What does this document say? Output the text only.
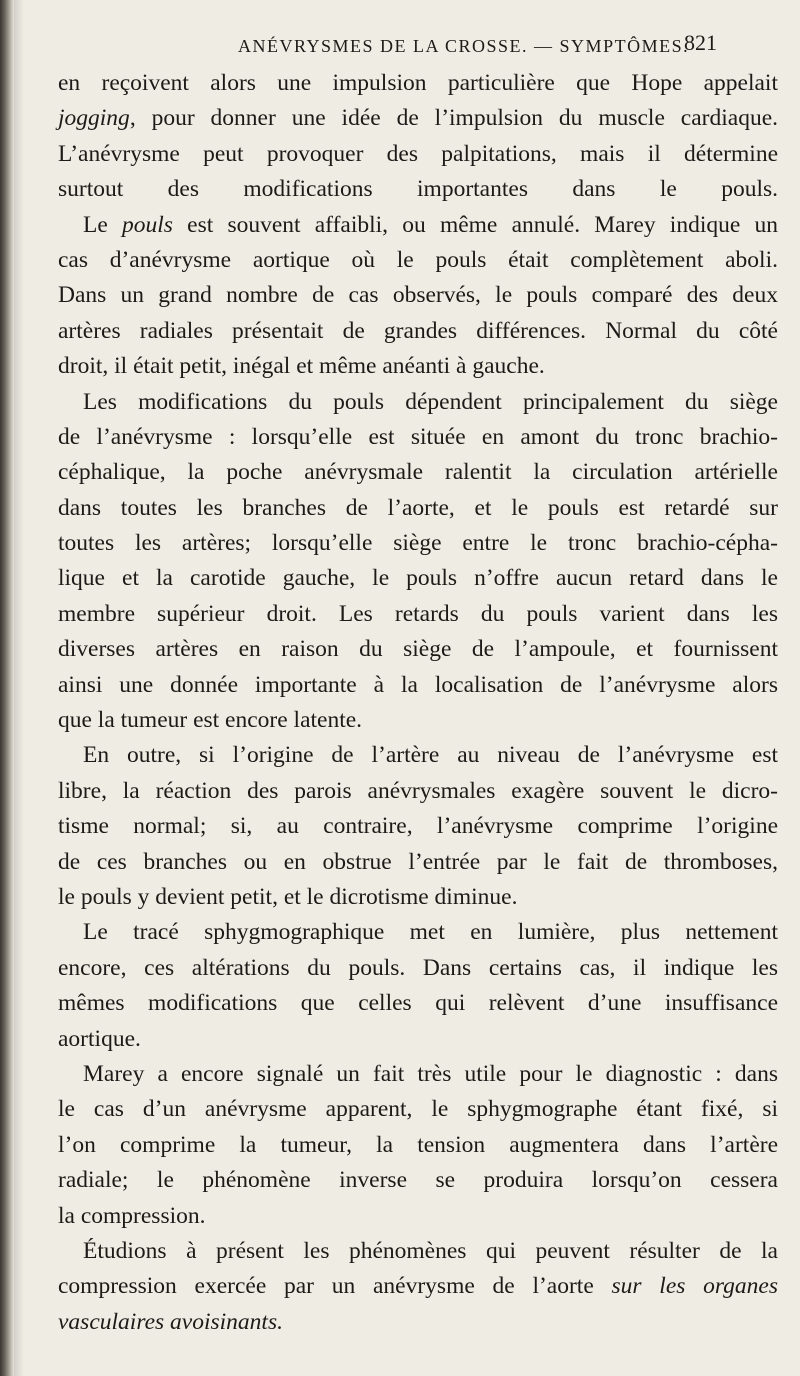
ANÉVRYSMES DE LA CROSSE. — SYMPTÔMES.
821
en reçoivent alors une impulsion particulière que Hope appelait
jogging, pour donner une idée de l’impulsion du muscle cardiaque.
L’anévrysme peut provoquer des palpitations, mais il détermine
surtout des modifications importantes dans le pouls.
Le pouls est souvent affaibli, ou même annulé. Marey indique un
cas d’anévrysme aortique où le pouls était complètement aboli.
Dans un grand nombre de cas observés, le pouls comparé des deux
artères radiales présentait de grandes différences. Normal du côté
droit, il était petit, inégal et même anéanti à gauche.
Les modifications du pouls dépendent principalement du siège
de l’anévrysme : lorsqu’elle est située en amont du tronc brachio-
céphalique, la poche anévrysmale ralentit la circulation artérielle
dans toutes les branches de l’aorte, et le pouls est retardé sur
toutes les artères; lorsqu’elle siège entre le tronc brachio-cépha-
lique et la carotide gauche, le pouls n’offre aucun retard dans le
membre supérieur droit. Les retards du pouls varient dans les
diverses artères en raison du siège de l’ampoule, et fournissent
ainsi une donnée importante à la localisation de l’anévrysme alors
que la tumeur est encore latente.
En outre, si l’origine de l’artère au niveau de l’anévrysme est
libre, la réaction des parois anévrysmales exagère souvent le dicro-
tisme normal; si, au contraire, l’anévrysme comprime l’origine
de ces branches ou en obstrue l’entrée par le fait de thromboses,
le pouls y devient petit, et le dicrotisme diminue.
Le tracé sphygmographique met en lumière, plus nettement
encore, ces altérations du pouls. Dans certains cas, il indique les
mêmes modifications que celles qui relèvent d’une insuffisance
aortique.
Marey a encore signalé un fait très utile pour le diagnostic : dans
le cas d’un anévrysme apparent, le sphygmographe étant fixé, si
l’on comprime la tumeur, la tension augmentera dans l’artère
radiale; le phénomène inverse se produira lorsqu’on cessera
la compression.
Étudions à présent les phénomènes qui peuvent résulter de la
compression exercée par un anévrysme de l’aorte sur les organes
vasculaires avoisinants.
